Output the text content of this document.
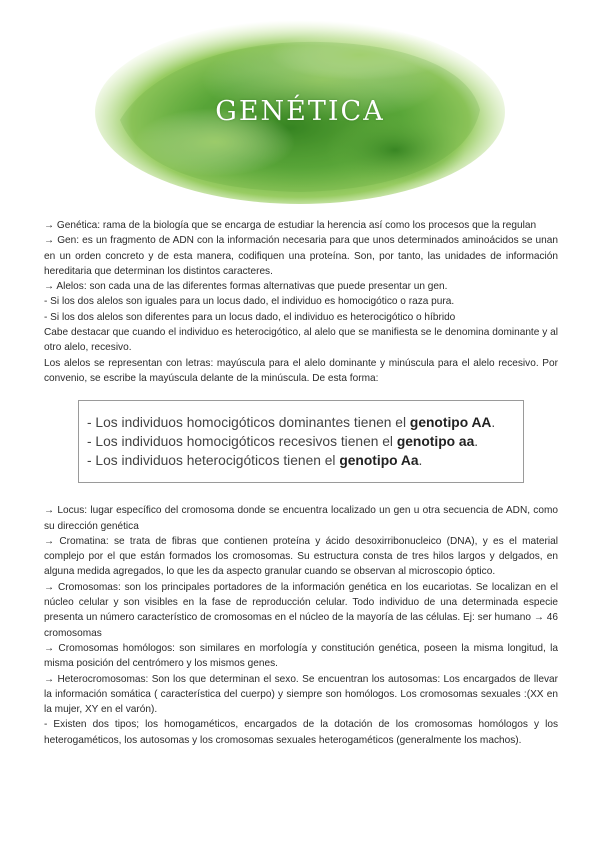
GENÉTICA

→ Genética: rama de la biología que se encarga de estudiar la herencia así como los procesos que la regulan

→ Gen: es un fragmento de ADN con la información necesaria para que unos determinados aminoácidos se unan en un orden concreto y de esta manera, codifiquen una proteína. Son, por tanto, las unidades de información hereditaria que determinan los distintos caracteres.

→ Alelos: son cada una de las diferentes formas alternativas que puede presentar un gen.

- Si los dos alelos son iguales para un locus dado, el individuo es homocigótico o raza pura.

- Si los dos alelos son diferentes para un locus dado, el individuo es heterocigótico o híbrido

Cabe destacar que cuando el individuo es heterocigótico, al alelo que se manifiesta se le denomina dominante y al otro alelo, recesivo.

Los alelos se representan con letras: mayúscula para el alelo dominante y minúscula para el alelo recesivo. Por convenio, se escribe la mayúscula delante de la minúscula. De esta forma:

- Los individuos homocigóticos dominantes tienen el genotipo AA.
- Los individuos homocigóticos recesivos tienen el genotipo aa.
- Los individuos heterocigóticos tienen el genotipo Aa.

→ Locus: lugar específico del cromosoma donde se encuentra localizado un gen u otra secuencia de ADN, como su dirección genética

→ Cromatina: se trata de fibras que contienen proteína y ácido desoxirribonucleico (DNA), y es el material complejo por el que están formados los cromosomas. Su estructura consta de tres hilos largos y delgados, en alguna medida agregados, lo que les da aspecto granular cuando se observan al microscopio óptico.

→ Cromosomas: son los principales portadores de la información genética en los eucariotas. Se localizan en el núcleo celular y son visibles en la fase de reproducción celular. Todo individuo de una determinada especie presenta un número característico de cromosomas en el núcleo de la mayoría de las células. Ej: ser humano → 46 cromosomas

→ Cromosomas homólogos: son similares en morfología y constitución genética, poseen la misma longitud, la misma posición del centrómero y los mismos genes.

→ Heterocromosomas: Son los que determinan el sexo. Se encuentran los autosomas: Los encargados de llevar la información somática ( característica del cuerpo) y siempre son homólogos. Los cromosomas sexuales :(XX en la mujer, XY en el varón).

- Existen dos tipos; los homogaméticos, encargados de la dotación de los cromosomas homólogos y los heterogaméticos, los autosomas y los cromosomas sexuales heterogaméticos (generalmente los machos).
